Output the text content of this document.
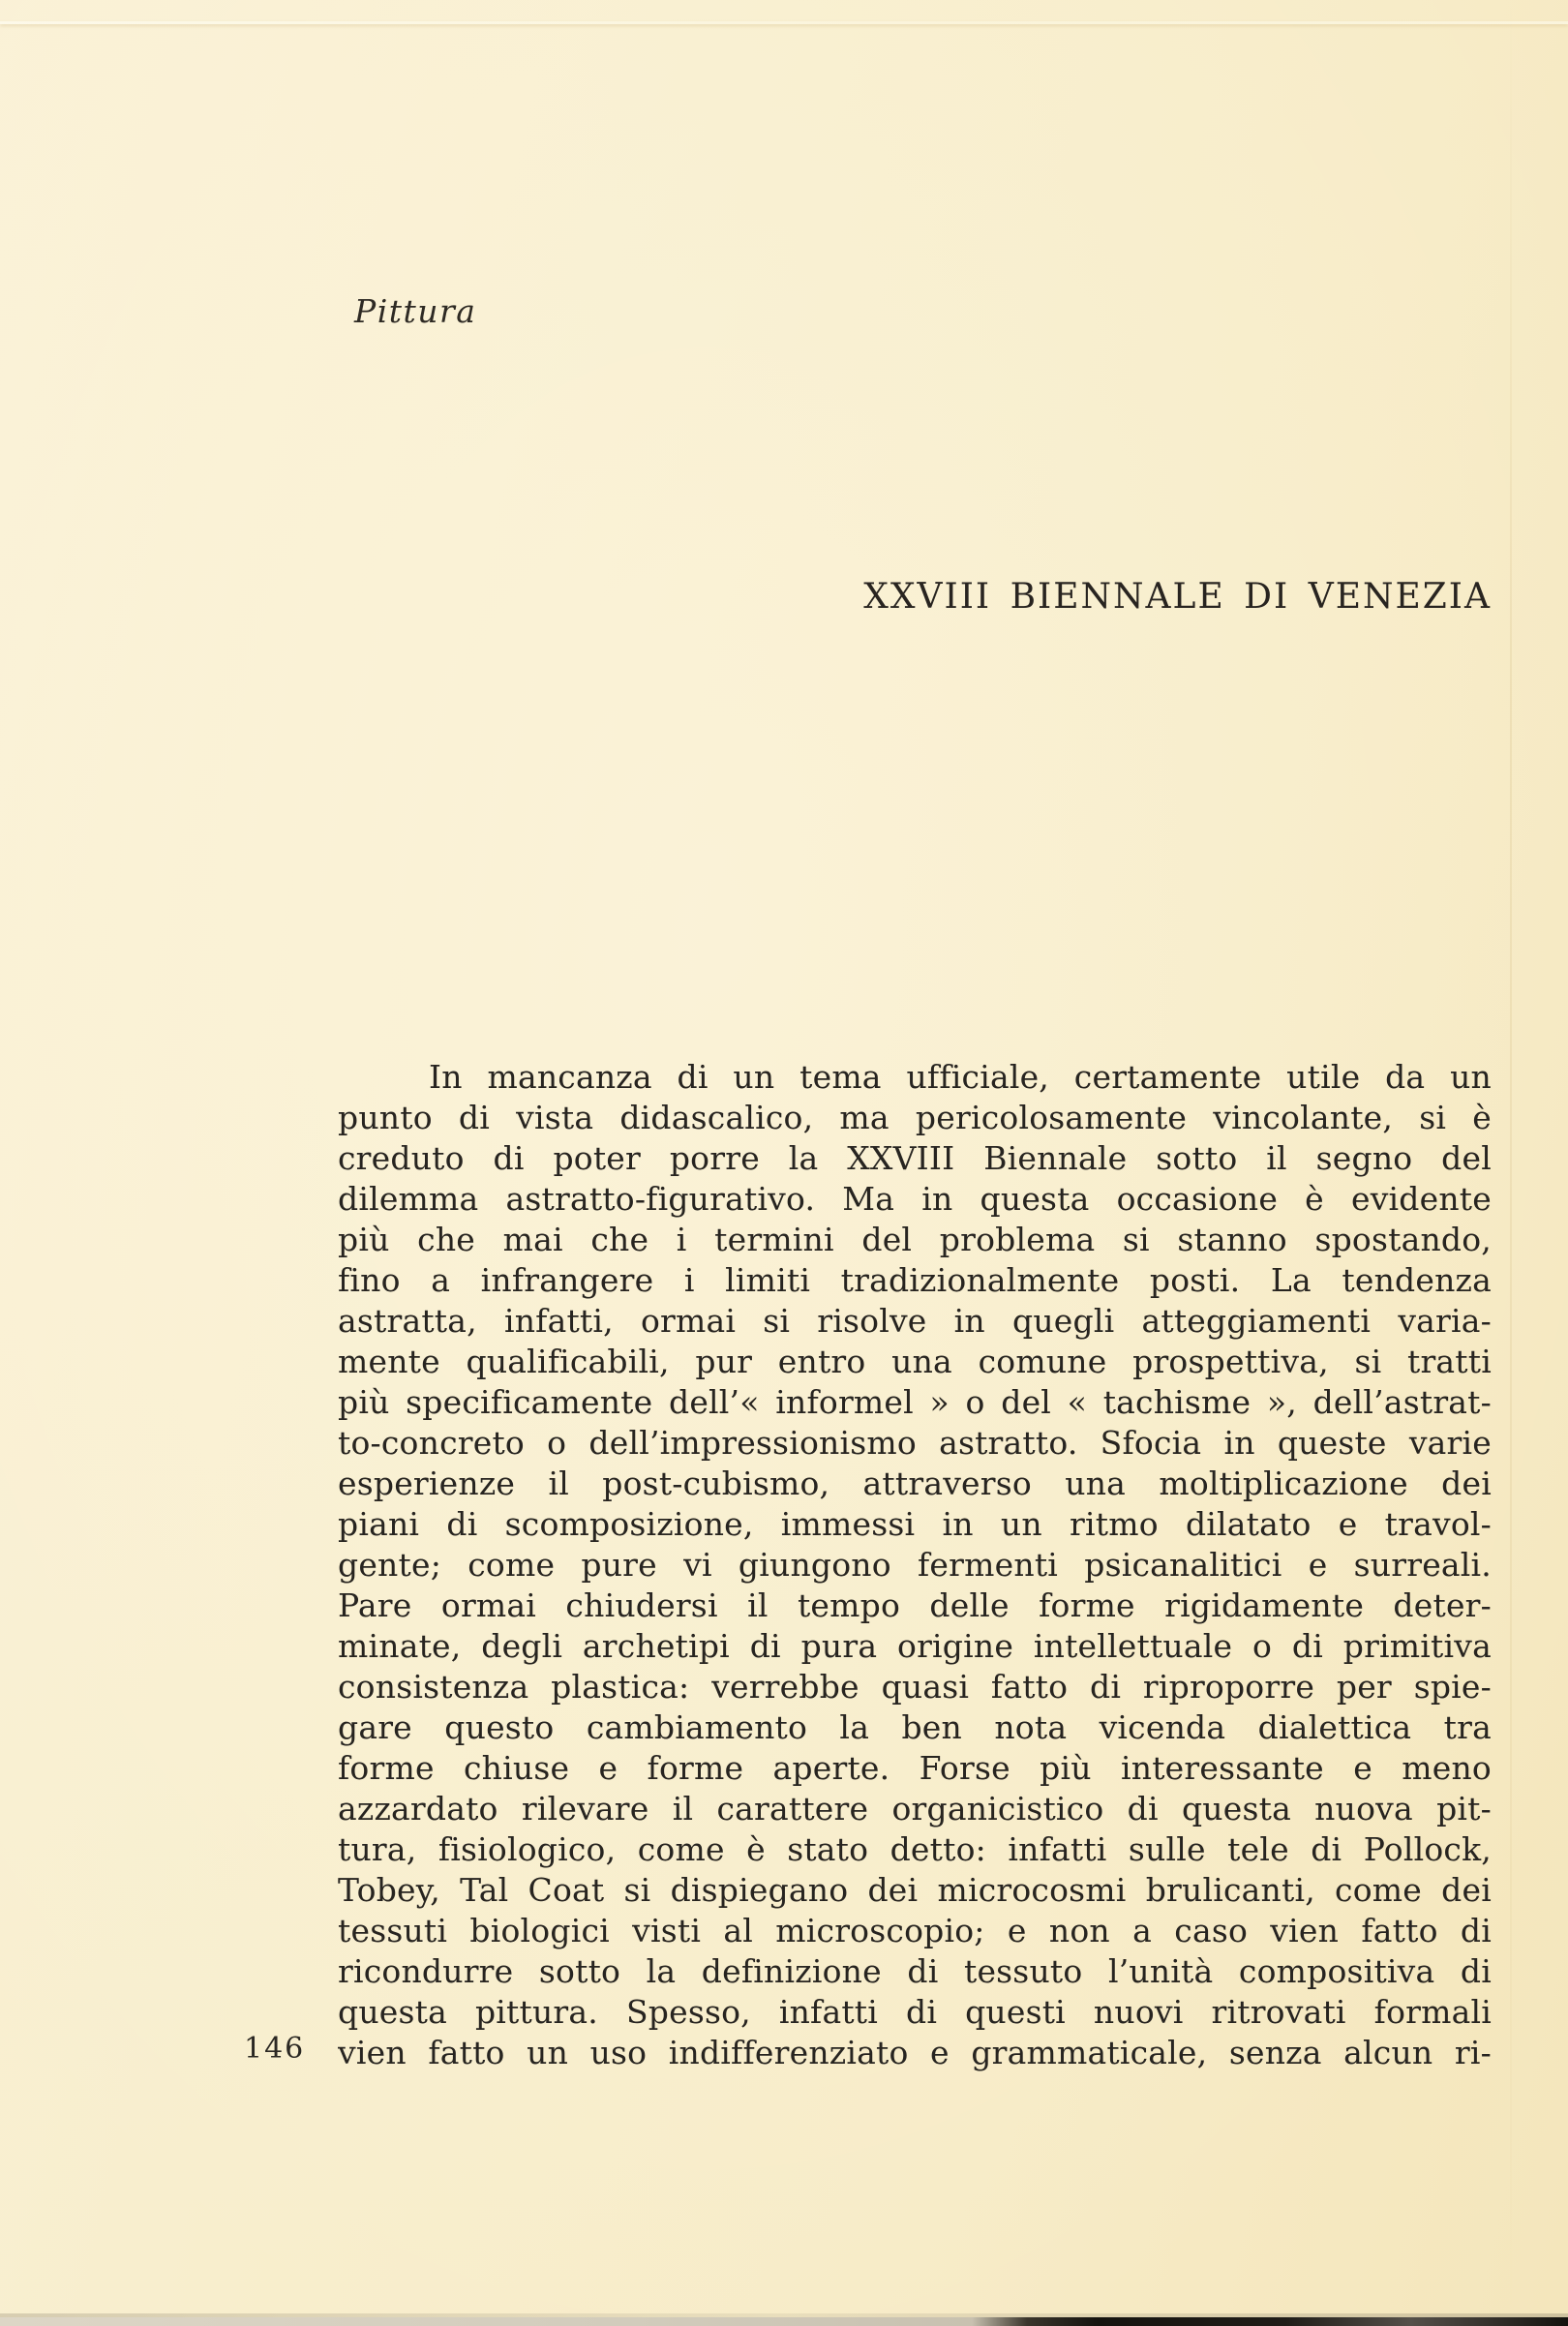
Pittura
XXVIII BIENNALE DI VENEZIA
In mancanza di un tema ufficiale, certamente utile da un
punto di vista didascalico, ma pericolosamente vincolante, si è
creduto di poter porre la XXVIII Biennale sotto il segno del
dilemma astratto-figurativo. Ma in questa occasione è evidente
più che mai che i termini del problema si stanno spostando,
fino a infrangere i limiti tradizionalmente posti. La tendenza
astratta, infatti, ormai si risolve in quegli atteggiamenti varia-
mente qualificabili, pur entro una comune prospettiva, si tratti
più specificamente dell’« informel » o del « tachisme », dell’astrat-
to-concreto o dell’impressionismo astratto. Sfocia in queste varie
esperienze il post-cubismo, attraverso una moltiplicazione dei
piani di scomposizione, immessi in un ritmo dilatato e travol-
gente; come pure vi giungono fermenti psicanalitici e surreali.
Pare ormai chiudersi il tempo delle forme rigidamente deter-
minate, degli archetipi di pura origine intellettuale o di primitiva
consistenza plastica: verrebbe quasi fatto di riproporre per spie-
gare questo cambiamento la ben nota vicenda dialettica tra
forme chiuse e forme aperte. Forse più interessante e meno
azzardato rilevare il carattere organicistico di questa nuova pit-
tura, fisiologico, come è stato detto: infatti sulle tele di Pollock,
Tobey, Tal Coat si dispiegano dei microcosmi brulicanti, come dei
tessuti biologici visti al microscopio; e non a caso vien fatto di
ricondurre sotto la definizione di tessuto l’unità compositiva di
questa pittura. Spesso, infatti di questi nuovi ritrovati formali
vien fatto un uso indifferenziato e grammaticale, senza alcun ri-
146
